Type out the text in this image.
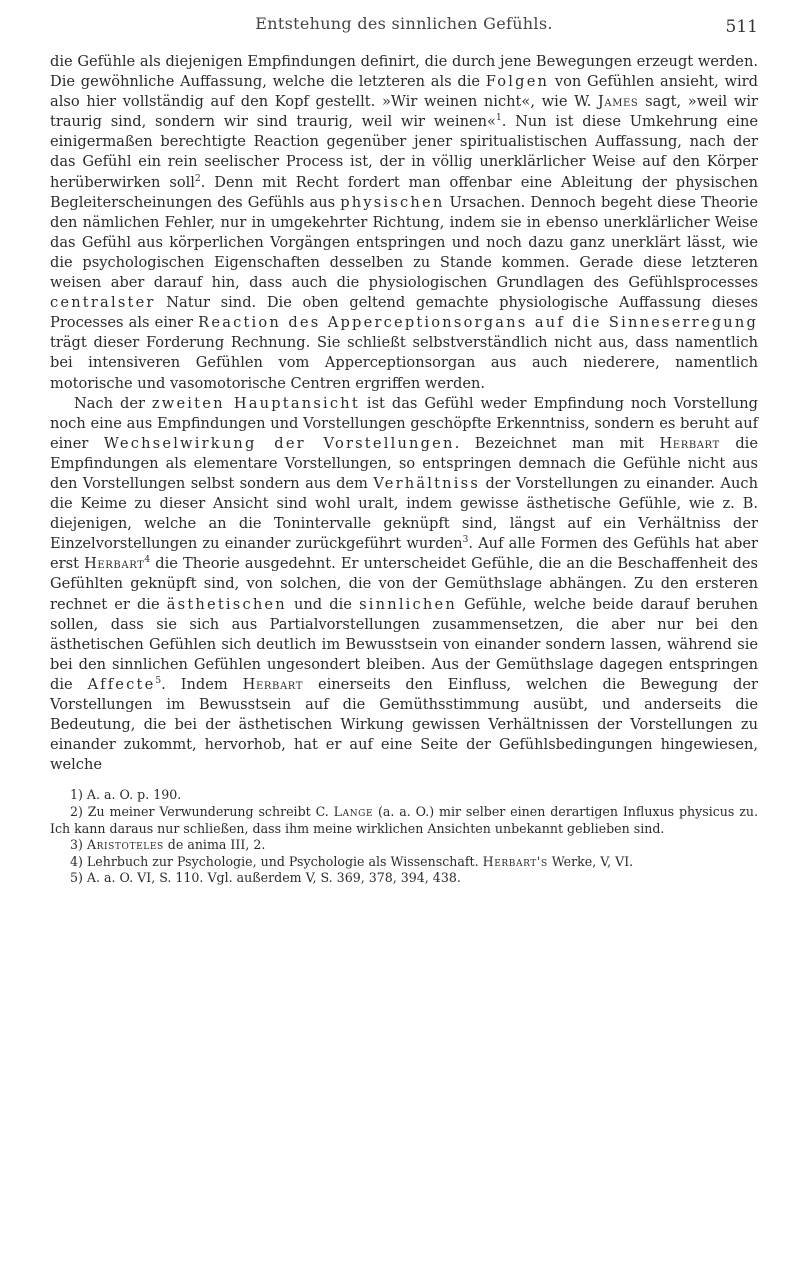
Entstehung des sinnlichen Gefühls.	511

die Gefühle als diejenigen Empfindungen definirt, die durch jene Bewegungen erzeugt werden. Die gewöhnliche Auffassung, welche die letzteren als die Folgen von Gefühlen ansieht, wird also hier vollständig auf den Kopf gestellt. »Wir weinen nicht«, wie W. James sagt, »weil wir traurig sind, sondern wir sind traurig, weil wir weinen«$^1$. Nun ist diese Umkehrung eine einigermaßen berechtigte Reaction gegenüber jener spiritualistischen Auffassung, nach der das Gefühl ein rein seelischer Process ist, der in völlig unerklärlicher Weise auf den Körper herüberwirken soll$^2$. Denn mit Recht fordert man offenbar eine Ableitung der physischen Begleiterscheinungen des Gefühls aus physischen Ursachen. Dennoch begeht diese Theorie den nämlichen Fehler, nur in umgekehrter Richtung, indem sie in ebenso unerklärlicher Weise das Gefühl aus körperlichen Vorgängen entspringen und noch dazu ganz unerklärt lässt, wie die psychologischen Eigenschaften desselben zu Stande kommen. Gerade diese letzteren weisen aber darauf hin, dass auch die physiologischen Grundlagen des Gefühlsprocesses centralster Natur sind. Die oben geltend gemachte physiologische Auffassung dieses Processes als einer Reaction des Apperceptionsorgans auf die Sinneserregung trägt dieser Forderung Rechnung. Sie schließt selbstverständlich nicht aus, dass namentlich bei intensiveren Gefühlen vom Apperceptionsorgan aus auch niederere, namentlich motorische und vasomotorische Centren ergriffen werden.

Nach der zweiten Hauptansicht ist das Gefühl weder Empfindung noch Vorstellung noch eine aus Empfindungen und Vorstellungen geschöpfte Erkenntniss, sondern es beruht auf einer Wechselwirkung der Vorstellungen. Bezeichnet man mit Herbart die Empfindungen als elementare Vorstellungen, so entspringen demnach die Gefühle nicht aus den Vorstellungen selbst sondern aus dem Verhältniss der Vorstellungen zu einander. Auch die Keime zu dieser Ansicht sind wohl uralt, indem gewisse ästhetische Gefühle, wie z. B. diejenigen, welche an die Tonintervalle geknüpft sind, längst auf ein Verhältniss der Einzelvorstellungen zu einander zurückgeführt wurden$^3$. Auf alle Formen des Gefühls hat aber erst Herbart$^4$ die Theorie ausgedehnt. Er unterscheidet Gefühle, die an die Beschaffenheit des Gefühlten geknüpft sind, von solchen, die von der Gemüthslage abhängen. Zu den ersteren rechnet er die ästhetischen und die sinnlichen Gefühle, welche beide darauf beruhen sollen, dass sie sich aus Partialvorstellungen zusammensetzen, die aber nur bei den ästhetischen Gefühlen sich deutlich im Bewusstsein von einander sondern lassen, während sie bei den sinnlichen Gefühlen ungesondert bleiben. Aus der Gemüthslage dagegen entspringen die Affecte$^5$. Indem Herbart einerseits den Einfluss, welchen die Bewegung der Vorstellungen im Bewusstsein auf die Gemüthsstimmung ausübt, und anderseits die Bedeutung, die bei der ästhetischen Wirkung gewissen Verhältnissen der Vorstellungen zu einander zukommt, hervorhob, hat er auf eine Seite der Gefühlsbedingungen hingewiesen, welche

1) A. a. O. p. 190.

2) Zu meiner Verwunderung schreibt C. Lange (a. a. O.) mir selber einen derartigen Influxus physicus zu. Ich kann daraus nur schließen, dass ihm meine wirklichen Ansichten unbekannt geblieben sind.

3) Aristoteles de anima III, 2.

4) Lehrbuch zur Psychologie, und Psychologie als Wissenschaft. Herbart's Werke, V, VI.

5) A. a. O. VI, S. 110. Vgl. außerdem V, S. 369, 378, 394, 438.
